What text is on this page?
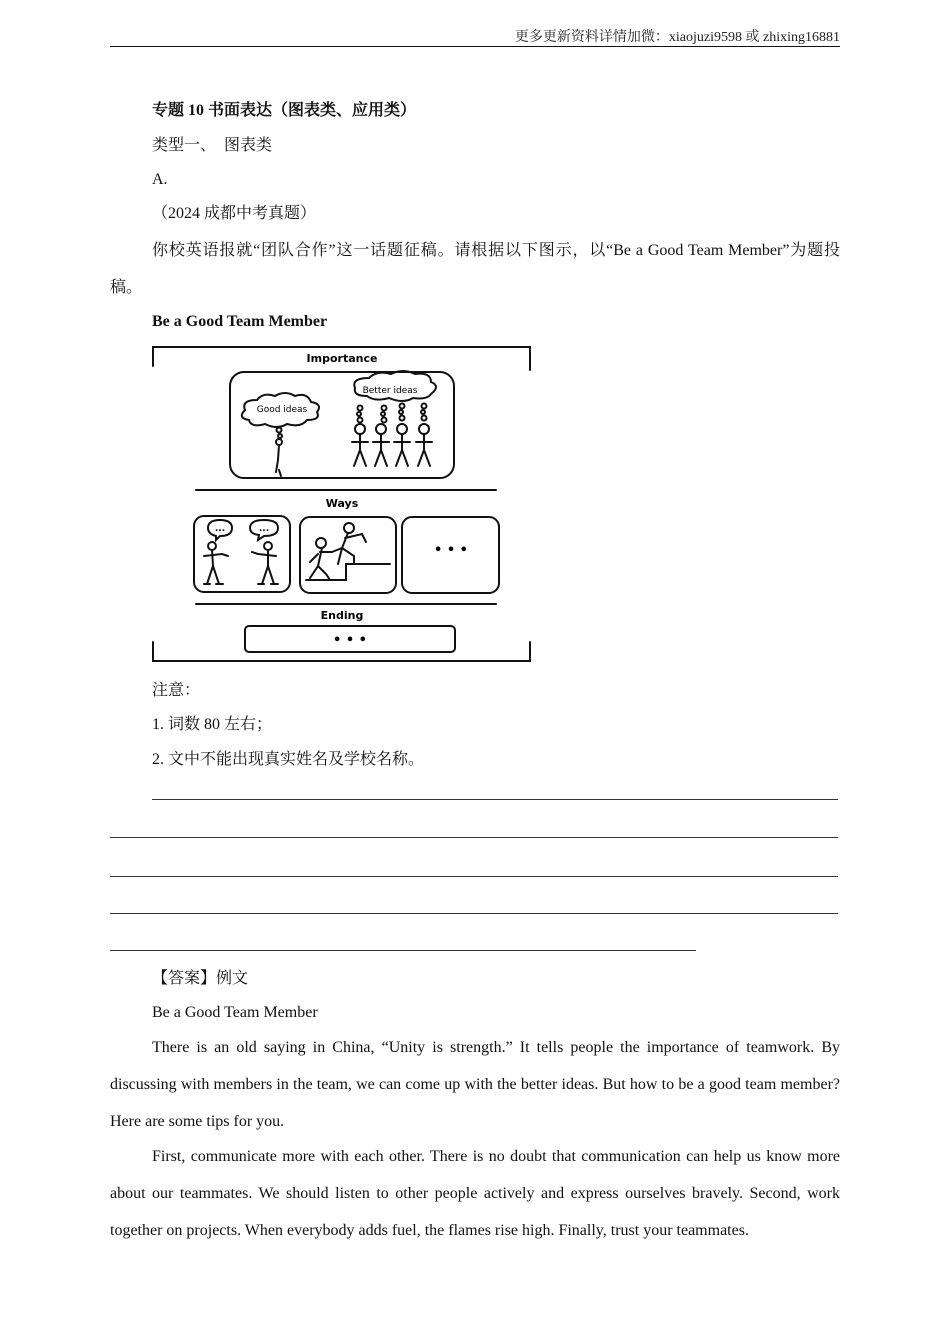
更多更新资料详情加微：xiaojuzi9598 或 zhixing16881
专题 10 书面表达（图表类、应用类）
类型一、　图表类
A.
（2024 成都中考真题）
你校英语报就“团队合作”这一话题征稿。请根据以下图示，以“Be a Good Team Member”为题投稿。
Be a Good Team Member
Importance
Good ideas
Better ideas
Ways
...	...
• • •
Ending
• • •
注意：
1. 词数 80 左右；
2. 文中不能出现真实姓名及学校名称。
【答案】例文
Be a Good Team Member
There is an old saying in China, “Unity is strength.” It tells people the importance of teamwork. By discussing with members in the team, we can come up with the better ideas. But how to be a good team member? Here are some tips for you.
First, communicate more with each other. There is no doubt that communication can help us know more about our teammates. We should listen to other people actively and express ourselves bravely. Second, work together on projects. When everybody adds fuel, the flames rise high. Finally, trust your teammates.
